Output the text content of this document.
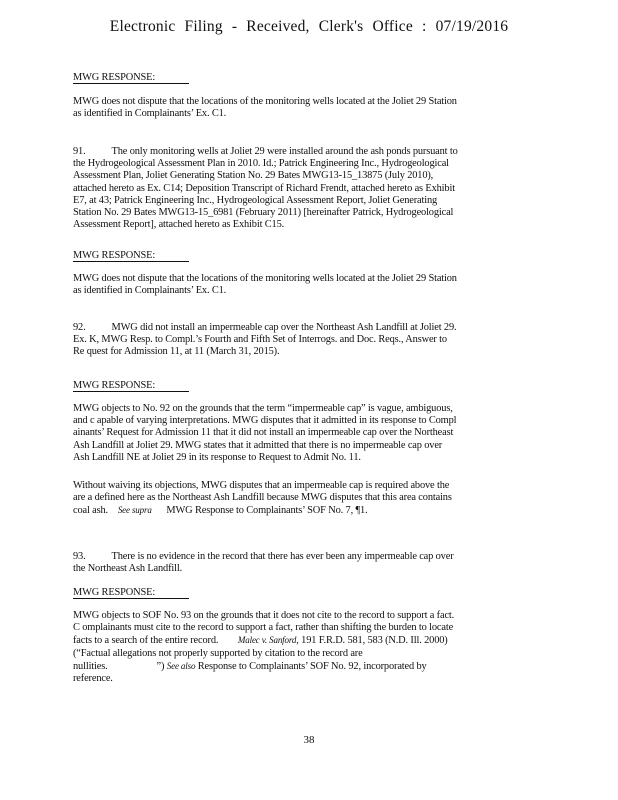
Electronic Filing - Received, Clerk's Office : 07/19/2016
MWG RESPONSE:
MWG does not dispute that the locations of the monitoring wells located at the Joliet 29 Station as identified in Complainants’ Ex. C1.
91.	The only monitoring wells at Joliet 29 were installed around the ash ponds pursuant to the Hydrogeological Assessment Plan in 2010. Id.; Patrick Engineering Inc., Hydrogeological Assessment Plan, Joliet Generating Station No. 29 Bates MWG13-15_13875 (July 2010), attached hereto as Ex. C14; Deposition Transcript of Richard Frendt, attached hereto as Exhibit E7, at 43; Patrick Engineering Inc., Hydrogeological Assessment Report, Joliet Generating Station No. 29 Bates MWG13-15_6981 (February 2011) [hereinafter Patrick, Hydrogeological Assessment Report], attached hereto as Exhibit C15.
MWG RESPONSE:
MWG does not dispute that the locations of the monitoring wells located at the Joliet 29 Station as identified in Complainants’ Ex. C1.
92.	MWG did not install an impermeable cap over the Northeast Ash Landfill at Joliet 29. Ex. K, MWG Resp. to Compl.’s Fourth and Fifth Set of Interrogs. and Doc. Reqs., Answer to Re quest for Admission 11, at 11 (March 31, 2015).
MWG RESPONSE:
MWG objects to No. 92 on the grounds that the term “impermeable cap” is vague, ambiguous, and c apable of varying interpretations. MWG disputes that it admitted in its response to Compl ainants’ Request for Admission 11 that it did not install an impermeable cap over the Northeast Ash Landfill at Joliet 29. MWG states that it admitted that there is no impermeable cap over Ash Landfill NE at Joliet 29 in its response to Request to Admit No. 11.
Without waiving its objections, MWG disputes that an impermeable cap is required above the are a defined here as the Northeast Ash Landfill because MWG disputes that this area contains coal ash. See supra MWG Response to Complainants’ SOF No. 7, ¶1.
93.	There is no evidence in the record that there has ever been any impermeable cap over the Northeast Ash Landfill.
MWG RESPONSE:
MWG objects to SOF No. 93 on the grounds that it does not cite to the record to support a fact. C omplainants must cite to the record to support a fact, rather than shifting the burden to locate facts to a search of the entire record. Malec v. Sanford, 191 F.R.D. 581, 583 (N.D. Ill. 2000) (“Factual allegations not properly supported by citation to the record are nullities.	”) See also Response to Complainants’ SOF No. 92, incorporated by reference.
38
